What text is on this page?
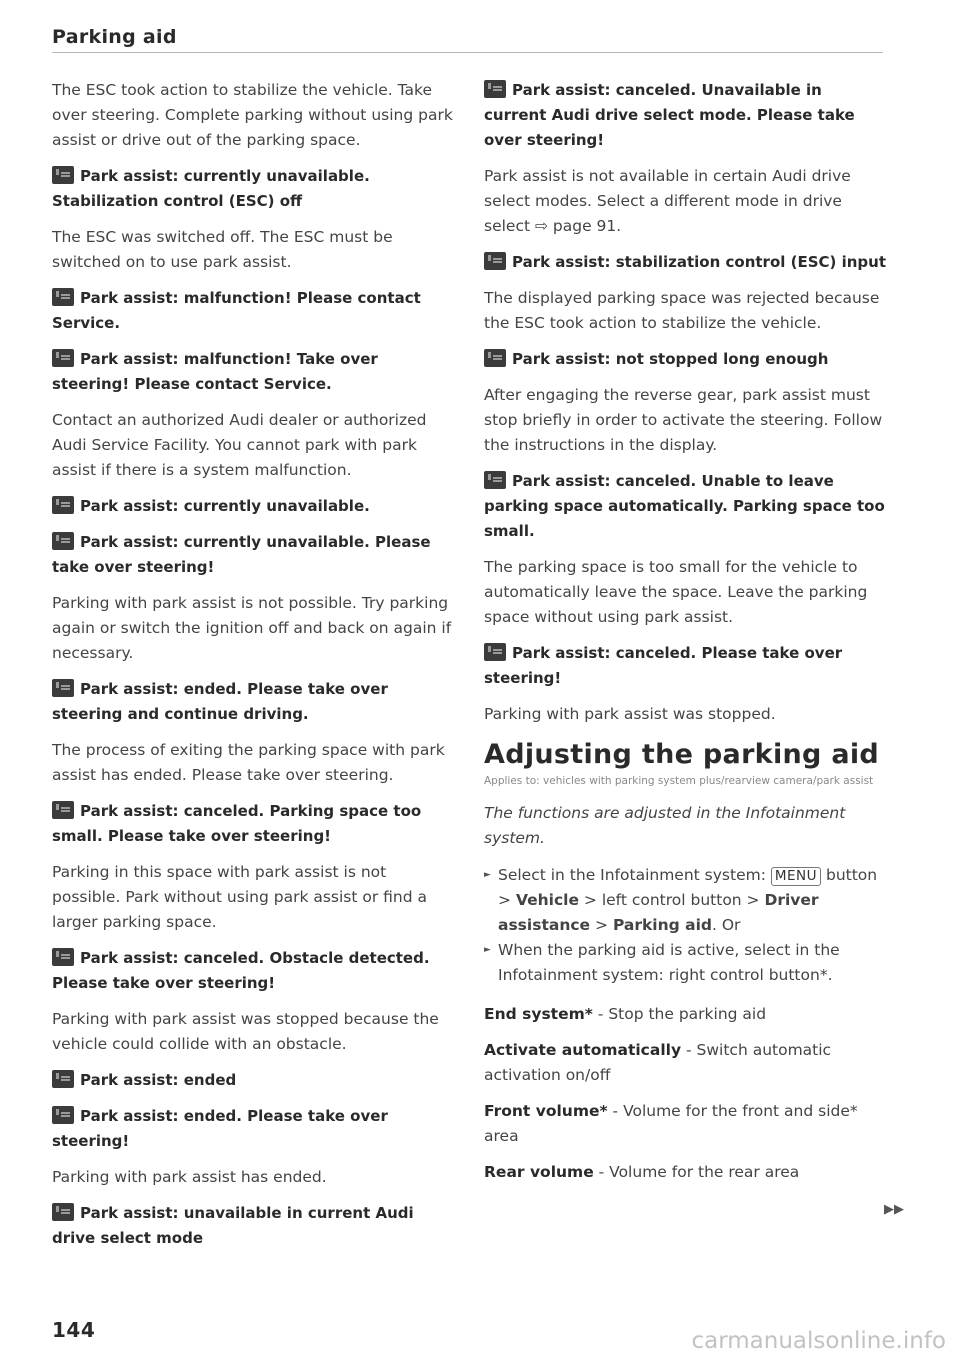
Parking aid

The ESC took action to stabilize the vehicle. Take over steering. Complete parking without using park assist or drive out of the parking space.

Park assist: currently unavailable. Stabilization control (ESC) off

The ESC was switched off. The ESC must be switched on to use park assist.

Park assist: malfunction! Please contact Service.
Park assist: malfunction! Take over steering! Please contact Service.

Contact an authorized Audi dealer or authorized Audi Service Facility. You cannot park with park assist if there is a system malfunction.

Park assist: currently unavailable.
Park assist: currently unavailable. Please take over steering!

Parking with park assist is not possible. Try parking again or switch the ignition off and back on again if necessary.

Park assist: ended. Please take over steering and continue driving.

The process of exiting the parking space with park assist has ended. Please take over steering.

Park assist: canceled. Parking space too small. Please take over steering!

Parking in this space with park assist is not possible. Park without using park assist or find a larger parking space.

Park assist: canceled. Obstacle detected. Please take over steering!

Parking with park assist was stopped because the vehicle could collide with an obstacle.

Park assist: ended
Park assist: ended. Please take over steering!

Parking with park assist has ended.

Park assist: unavailable in current Audi drive select mode
Park assist: canceled. Unavailable in current Audi drive select mode. Please take over steering!

Park assist is not available in certain Audi drive select modes. Select a different mode in drive select ⇨ page 91.

Park assist: stabilization control (ESC) input

The displayed parking space was rejected because the ESC took action to stabilize the vehicle.

Park assist: not stopped long enough

After engaging the reverse gear, park assist must stop briefly in order to activate the steering. Follow the instructions in the display.

Park assist: canceled. Unable to leave parking space automatically. Parking space too small.

The parking space is too small for the vehicle to automatically leave the space. Leave the parking space without using park assist.

Park assist: canceled. Please take over steering!

Parking with park assist was stopped.

Adjusting the parking aid
Applies to: vehicles with parking system plus/rearview camera/park assist
The functions are adjusted in the Infotainment system.
► Select in the Infotainment system: MENU button > Vehicle > left control button > Driver assistance > Parking aid. Or
► When the parking aid is active, select in the Infotainment system: right control button*.
End system* - Stop the parking aid
Activate automatically - Switch automatic activation on/off
Front volume* - Volume for the front and side* area
Rear volume - Volume for the rear area
▶▶
144	carmanualsonline.info
